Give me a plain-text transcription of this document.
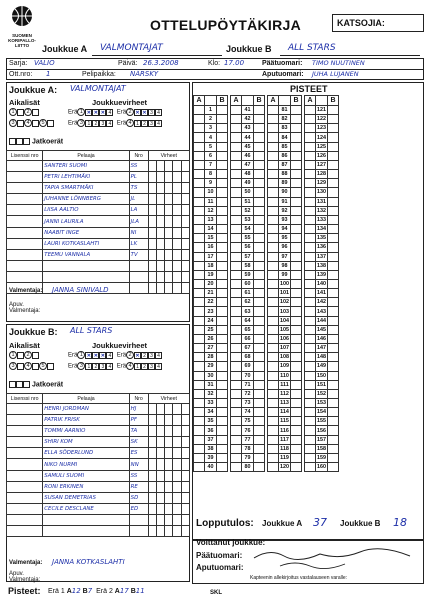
SUOMEN
KORIPALLO-
LIITTO
OTTELUPÖYTÄKIRJA	KATSOJIA:
Joukkue A VALMONTAJAT	Joukkue B ALL STARS
Sarja: VALIO	Päivä: 26.3.2008	Klo: 17.00	Päätuomari: TIMO NUUTINEN
Ott.nro: 1	Pelipaikka: NÄRSKY	Aputuomari: JUHA LUJANEN
Joukkue A: VALMONTAJAT
Aikalisät	Joukkuevirheet
1 2
3 4 5
Erä 1 ✕ ✕ ✕ 4 Erä 2 ✕ ✕ 3 4
Erä 3 1 2 3 4 Erä 4 1 2 3 4
Jatkoerät
Lisenssi nro	Pelaaja	Nro	Virheet				
	SANTERI SUOMI	SS					
	PETRI LEHTIMÄKI	PL					
	TAPIA SMARTMÄKI	TS					
	JUHANNE LÖNNBERG	JL					
	LIISA AALTIO	LA					
	JANNI LAURILA	JLA					
	NAABIT INGE	NI					
	LAURI KOTKASLAHTI	LK					
	TEEMU VANNALA	TV					

Valmentaja: JANNA SINIVALD
Apuv. Valmentaja:
Joukkue B: ALL STARS
Aikalisät	Joukkuevirheet
1 2
3 4 5
Erä 1 ✕ ✕ ✕ 4 Erä 2 ✕ 2 3 4
Erä 3 1 2 3 4 Erä 4 1 2 3 4
Jatkoerät
Lisenssi nro	Pelaaja	Nro	Virheet				
	HENRI JORDMAN	HJ					
	PATRIK FRISK	PF					
	TOMMI AARNIO	TA					
	SHIRI KOM	SK					
	ELLA SÖDERLUND	ES					
	NIKO NURMI	NN					
	SAMULI SUOMI	SS					
	RONI ERKINEN	RE					
	SUSAN DEMETRIAS	SD					
	CECILE DESCLANE	ED					

Valmentaja: JANNA KOTKASLAHTI
Apuv. Valmentaja:
PISTEET
A		B		A		B		A		B		A		B
	1				41				81				121	
	2				42				82				122	
	3				43				83				123	
	4				44				84				124	
	5				45				85				125	
	6				46				86				126	
	7				47				87				127	
	8				48				88				128	
	9				49				89				129	
	10				50				90				130	
	11				51				91				131	
	12				52				92				132	
	13				53				93				133	
	14				54				94				134	
	15				55				95				135	
	16				56				96				136	
	17				57				97				137	
	18				58				98				138	
	19				59				99				139	
	20				60				100				140	
	21				61				101				141	
	22				62				102				142	
	23				63				103				143	
	24				64				104				144	
	25				65				105				145	
	26				66				106				146	
	27				67				107				147	
	28				68				108				148	
	29				69				109				149	
	30				70				110				150	
	31				71				111				151	
	32				72				112				152	
	33				73				113				153	
	34				74				114				154	
	35				75				115				155	
	36				76				116				156	
	37				77				117				157	
	38				78				118				158	
	39				79				119				159	
	40				80				120				160	
Lopputulos: Joukkue A 37 Joukkue B 18
Voittanut joukkue:
Päätuomari:
Aputuomari:
Kapteenin allekirjoitus vastalauseen varalle:
Pisteet: Erä 1 A12 B7 Erä 2 A17 B11	SKL
